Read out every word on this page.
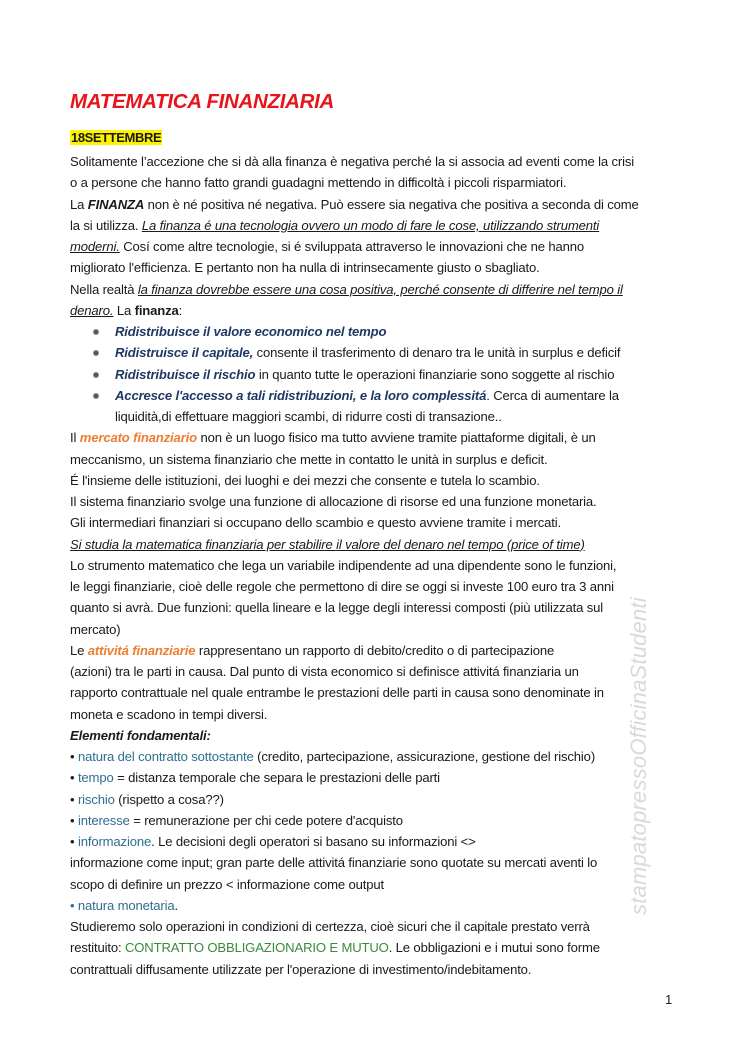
MATEMATICA FINANZIARIA
18SETTEMBRE
Solitamente l’accezione che si dà alla finanza è negativa perché la si associa ad eventi come la crisi
o a persone che hanno fatto grandi guadagni mettendo in difficoltà i piccoli risparmiatori.
La FINANZA non è né positiva né negativa. Può essere sia negativa che positiva a seconda di come
la si utilizza. La finanza é una tecnologia ovvero un modo di fare le cose, utilizzando strumenti
moderni. Cosí come altre tecnologie, si é sviluppata attraverso le innovazioni che ne hanno
migliorato l'efficienza. E pertanto non ha nulla di intrinsecamente giusto o sbagliato.
Nella realtà la finanza dovrebbe essere una cosa positiva, perché consente di differire nel tempo il
denaro. La finanza:
Ridistribuisce il valore economico nel tempo
Ridistruisce il capitale, consente il trasferimento di denaro tra le unità in surplus e deficif
Ridistribuisce il rischio in quanto tutte le operazioni finanziarie sono soggette al rischio
Accresce l'accesso a tali ridistribuzioni, e la loro complessitá. Cerca di aumentare la
liquidità,di effettuare maggiori scambi, di ridurre costi di transazione..
Il mercato finanziario non è un luogo fisico ma tutto avviene tramite piattaforme digitali, è un
meccanismo, un sistema finanziario che mette in contatto le unità in surplus e deficit.
É l'insieme delle istituzioni, dei luoghi e dei mezzi che consente e tutela lo scambio.
Il sistema finanziario svolge una funzione di allocazione di risorse ed una funzione monetaria.
Gli intermediari finanziari si occupano dello scambio e questo avviene tramite i mercati.
Si studia la matematica finanziaria per stabilire il valore del denaro nel tempo (price of time)
Lo strumento matematico che lega un variabile indipendente ad una dipendente sono le funzioni,
le leggi finanziarie, cioè delle regole che permettono di dire se oggi si investe 100 euro tra 3 anni
quanto si avrà. Due funzioni: quella lineare e la legge degli interessi composti (più utilizzata sul
mercato)
Le attivitá finanziarie rappresentano un rapporto di debito/credito o di partecipazione
(azioni) tra le parti in causa. Dal punto di vista economico si definisce attivitá finanziaria un
rapporto contrattuale nel quale entrambe le prestazioni delle parti in causa sono denominate in
moneta e scadono in tempi diversi.
Elementi fondamentali:
• natura del contratto sottostante (credito, partecipazione, assicurazione, gestione del rischio)
• tempo = distanza temporale che separa le prestazioni delle parti
• rischio (rispetto a cosa??)
• interesse = remunerazione per chi cede potere d'acquisto
• informazione. Le decisioni degli operatori si basano su informazioni <>
informazione come input; gran parte delle attivitá finanziarie sono quotate su mercati aventi lo
scopo di definire un prezzo < informazione come output
• natura monetaria.
Studieremo solo operazioni in condizioni di certezza, cioè sicuri che il capitale prestato verrà
restituito: CONTRATTO OBBLIGAZIONARIO E MUTUO. Le obbligazioni e i mutui sono forme
contrattuali diffusamente utilizzate per l'operazione di investimento/indebitamento.
stampatopressoOfficinaStudenti
1
